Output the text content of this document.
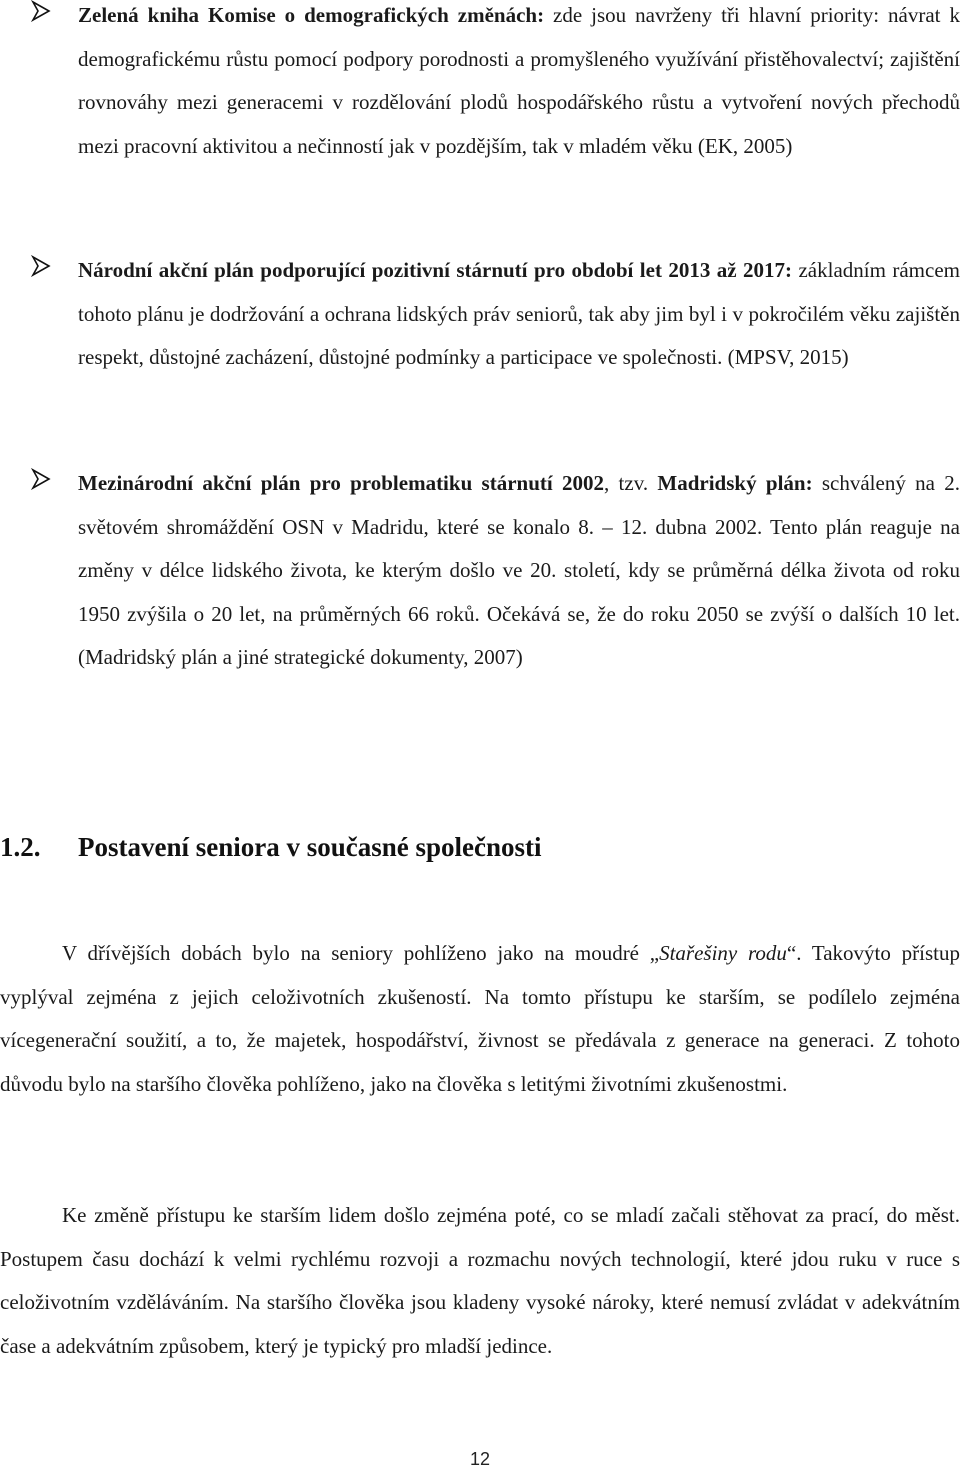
Zelená kniha Komise o demografických změnách: zde jsou navrženy tři hlavní priority: návrat k demografickému růstu pomocí podpory porodnosti a promyšleného využívání přistěhovalectví; zajištění rovnováhy mezi generacemi v rozdělování plodů hospodářského růstu a vytvoření nových přechodů mezi pracovní aktivitou a nečinností jak v pozdějším, tak v mladém věku (EK, 2005)
Národní akční plán podporující pozitivní stárnutí pro období let 2013 až 2017: základním rámcem tohoto plánu je dodržování a ochrana lidských práv seniorů, tak aby jim byl i v pokročilém věku zajištěn respekt, důstojné zacházení, důstojné podmínky a participace ve společnosti. (MPSV, 2015)
Mezinárodní akční plán pro problematiku stárnutí 2002, tzv. Madridský plán: schválený na 2. světovém shromáždění OSN v Madridu, které se konalo 8. – 12. dubna 2002. Tento plán reaguje na změny v délce lidského života, ke kterým došlo ve 20. století, kdy se průměrná délka života od roku 1950 zvýšila o 20 let, na průměrných 66 roků. Očekává se, že do roku 2050 se zvýší o dalších 10 let. (Madridský plán a jiné strategické dokumenty, 2007)
1.2. Postavení seniora v současné společnosti
V dřívějších dobách bylo na seniory pohlíženo jako na moudré „Stařešiny rodu“. Takovýto přístup vyplýval zejména z jejich celoživotních zkušeností. Na tomto přístupu ke starším, se podílelo zejména vícegenerační soužití, a to, že majetek, hospodářství, živnost se předávala z generace na generaci. Z tohoto důvodu bylo na staršího člověka pohlíženo, jako na člověka s letitými životními zkušenostmi.
Ke změně přístupu ke starším lidem došlo zejména poté, co se mladí začali stěhovat za prací, do měst. Postupem času dochází k velmi rychlému rozvoji a rozmachu nových technologií, které jdou ruku v ruce s celoživotním vzděláváním. Na staršího člověka jsou kladeny vysoké nároky, které nemusí zvládat v adekvátním čase a adekvátním způsobem, který je typický pro mladší jedince.
12
